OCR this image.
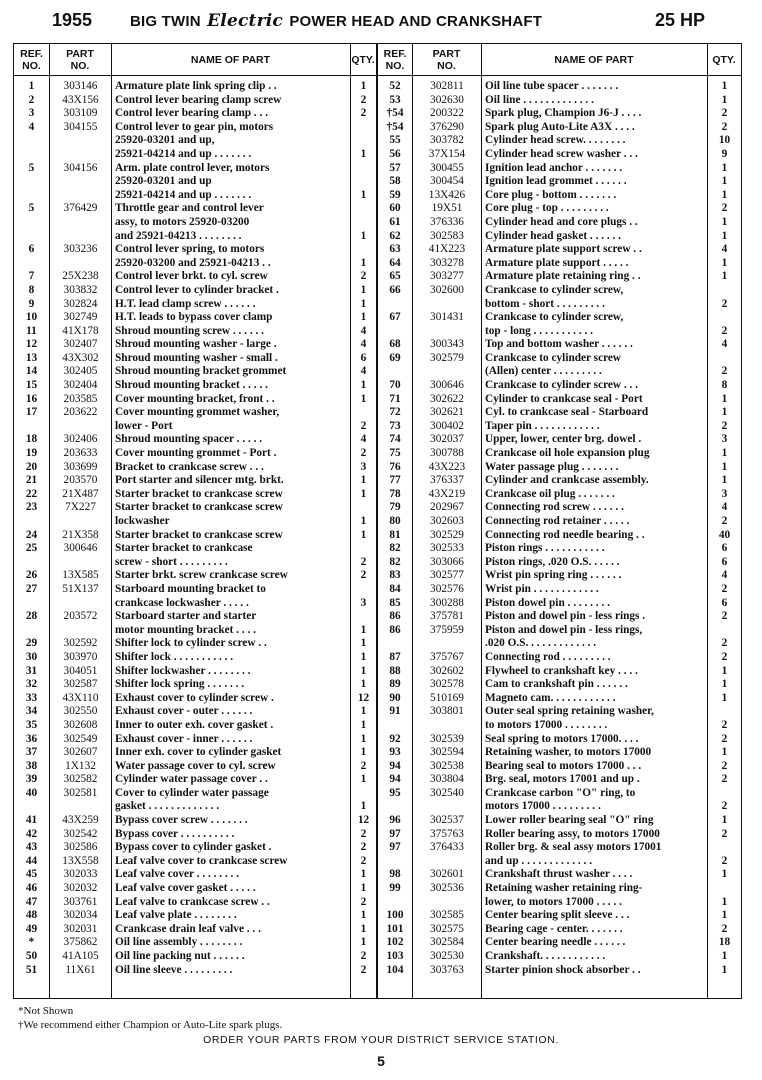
1955	BIG TWIN Electric POWER HEAD AND CRANKSHAFT	25 HP
REF.
NO.
PART
NO.	NAME OF PART	QTY.
1	303146	Armature plate link spring clip . .	1
2	43X156	Control lever bearing clamp screw	2
3	303109	Control lever bearing clamp . . .	2
4	304155	Control lever to gear pin, motors
25920-03201 and up,
25921-04214 and up . . . . . . .	1
5	304156	Arm. plate control lever, motors
25920-03201 and up
25921-04214 and up . . . . . . .	1
5	376429	Throttle gear and control lever
assy, to motors 25920-03200
and 25921-04213 . . . . . . . .	1
6	303236	Control lever spring, to motors
25920-03200 and 25921-04213 . .	1
7	25X238	Control lever brkt. to cyl. screw	2
8	303832	Control lever to cylinder bracket .	1
9	302824	H.T. lead clamp screw . . . . . .	1
10	302749	H.T. leads to bypass cover clamp	1
11	41X178	Shroud mounting screw . . . . . .	4
12	302407	Shroud mounting washer - large .	4
13	43X302	Shroud mounting washer - small .	6
14	302405	Shroud mounting bracket grommet	4
15	302404	Shroud mounting bracket . . . . .	1
16	203585	Cover mounting bracket, front . .	1
17	203622	Cover mounting grommet washer,
lower - Port	2
18	302406	Shroud mounting spacer . . . . .	4
19	203633	Cover mounting grommet - Port .	2
20	303699	Bracket to crankcase screw . . .	3
21	203570	Port starter and silencer mtg. brkt.	1
22	21X487	Starter bracket to crankcase screw	1
23	7X227	Starter bracket to crankcase screw
lockwasher	1
24	21X358	Starter bracket to crankcase screw	1
25	300646	Starter bracket to crankcase
screw - short . . . . . . . . .	2
26	13X585	Starter brkt. screw crankcase screw	2
27	51X137	Starboard mounting bracket to
crankcase lockwasher . . . . .	3
28	203572	Starboard starter and starter
motor mounting bracket . . . .	1
29	302592	Shifter lock to cylinder screw . .	1
30	303970	Shifter lock . . . . . . . . . . .	1
31	304051	Shifter lockwasher . . . . . . . .	1
32	302587	Shifter lock spring . . . . . . .	1
33	43X110	Exhaust cover to cylinder screw .	12
34	302550	Exhaust cover - outer . . . . . .	1
35	302608	Inner to outer exh. cover gasket .	1
36	302549	Exhaust cover - inner . . . . . .	1
37	302607	Inner exh. cover to cylinder gasket	1
38	1X132	Water passage cover to cyl. screw	2
39	302582	Cylinder water passage cover . .	1
40	302581	Cover to cylinder water passage
gasket . . . . . . . . . . . . .	1
41	43X259	Bypass cover screw . . . . . . .	12
42	302542	Bypass cover . . . . . . . . . .	2
43	302586	Bypass cover to cylinder gasket .	2
44	13X558	Leaf valve cover to crankcase screw	2
45	302033	Leaf valve cover . . . . . . . .	1
46	302032	Leaf valve cover gasket . . . . .	1
47	303761	Leaf valve to crankcase screw . .	2
48	302034	Leaf valve plate . . . . . . . .	1
49	302031	Crankcase drain leaf valve . . .	1
*	375862	Oil line assembly . . . . . . . .	1
50	41A105	Oil line packing nut . . . . . .	2
51	11X61	Oil line sleeve . . . . . . . . .	2
REF.
NO.
PART
NO.	NAME OF PART	QTY.
52	302811	Oil line tube spacer . . . . . . .	1
53	302630	Oil line . . . . . . . . . . . . .	1
†54	200322	Spark plug, Champion J6-J . . . .	2
†54	376290	Spark plug Auto-Lite A3X . . . .	2
55	303782	Cylinder head screw. . . . . . . .	10
56	37X154	Cylinder head screw washer . . .	9
57	300455	Ignition lead anchor . . . . . . .	1
58	300454	Ignition lead grommet . . . . . .	1
59	13X426	Core plug - bottom . . . . . . .	1
60	19X51	Core plug - top . . . . . . . . .	2
61	376336	Cylinder head and core plugs . .	1
62	302583	Cylinder head gasket . . . . . .	1
63	41X223	Armature plate support screw . .	4
64	303278	Armature plate support . . . . .	1
65	303277	Armature plate retaining ring . .	1
66	302600	Crankcase to cylinder screw,
bottom - short . . . . . . . . .	2
67	301431	Crankcase to cylinder screw,
top - long . . . . . . . . . . .	2
68	300343	Top and bottom washer . . . . . .	4
69	302579	Crankcase to cylinder screw
(Allen) center . . . . . . . . .	2
70	300646	Crankcase to cylinder screw . . .	8
71	302622	Cylinder to crankcase seal - Port	1
72	302621	Cyl. to crankcase seal - Starboard	1
73	300402	Taper pin . . . . . . . . . . . .	2
74	302037	Upper, lower, center brg. dowel .	3
75	300788	Crankcase oil hole expansion plug	1
76	43X223	Water passage plug . . . . . . .	1
77	376337	Cylinder and crankcase assembly.	1
78	43X219	Crankcase oil plug . . . . . . .	3
79	202967	Connecting rod screw . . . . . .	4
80	302603	Connecting rod retainer . . . . .	2
81	302529	Connecting rod needle bearing . .	40
82	302533	Piston rings . . . . . . . . . . .	6
82	303066	Piston rings, .020 O.S. . . . . .	6
83	302577	Wrist pin spring ring . . . . . .	4
84	302576	Wrist pin . . . . . . . . . . . .	2
85	300288	Piston dowel pin . . . . . . . .	6
86	375781	Piston and dowel pin - less rings .	2
86	375959	Piston and dowel pin - less rings,
.020 O.S. . . . . . . . . . . . .	2
87	375767	Connecting rod . . . . . . . . .	2
88	302602	Flywheel to crankshaft key . . . .	1
89	302578	Cam to crankshaft pin . . . . . .	1
90	510169	Magneto cam. . . . . . . . . . . .	1
91	303801	Outer seal spring retaining washer,
to motors 17000 . . . . . . . .	2
92	302539	Seal spring to motors 17000. . . .	2
93	302594	Retaining washer, to motors 17000	1
94	302538	Bearing seal to motors 17000 . . .	2
94	303804	Brg. seal, motors 17001 and up .	2
95	302540	Crankcase carbon "O" ring, to
motors 17000 . . . . . . . . .	2
96	302537	Lower roller bearing seal "O" ring	1
97	375763	Roller bearing assy, to motors 17000	2
97	376433	Roller brg. & seal assy motors 17001
and up . . . . . . . . . . . . .	2
98	302601	Crankshaft thrust washer . . . .	1
99	302536	Retaining washer retaining ring-
lower, to motors 17000 . . . . .	1
100	302585	Center bearing split sleeve . . .	1
101	302575	Bearing cage - center. . . . . . .	2
102	302584	Center bearing needle . . . . . .	18
103	302530	Crankshaft. . . . . . . . . . . .	1
104	303763	Starter pinion shock absorber . .	1
*Not Shown
†We recommend either Champion or Auto-Lite spark plugs.
ORDER YOUR PARTS FROM YOUR DISTRICT SERVICE STATION.
5
